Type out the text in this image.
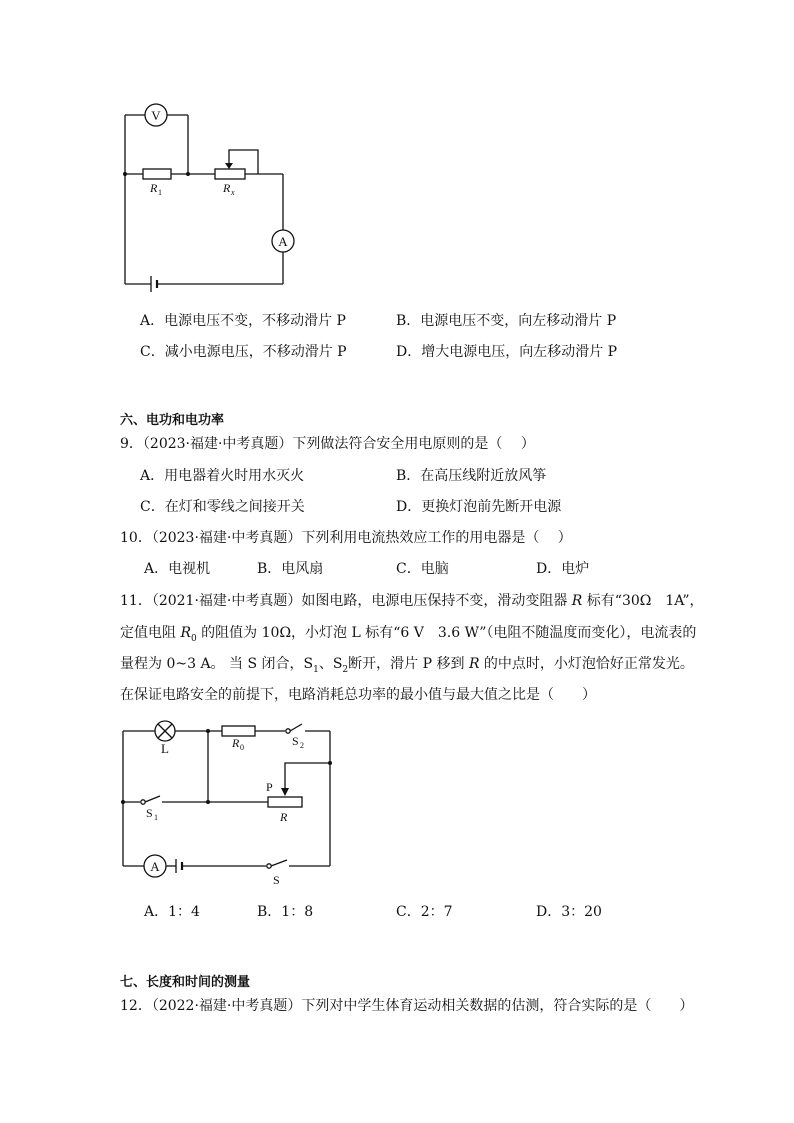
V
A
R 1	R x
A．电源电压不变，不移动滑片 P	B．电源电压不变，向左移动滑片 P
C．减小电源电压，不移动滑片 P	D．增大电源电压，向左移动滑片 P
六、电功和电功率
9．（2023·福建·中考真题）下列做法符合安全用电原则的是（　 ）
A．用电器着火时用水灭火	B．在高压线附近放风筝
C．在灯和零线之间接开关	D．更换灯泡前先断开电源
10．（2023·福建·中考真题）下列利用电流热效应工作的用电器是（　 ）
A．电视机	B．电风扇	C．电脑	D．电炉
11．（2021·福建·中考真题）如图电路，电源电压保持不变，滑动变阻器 R 标有“30Ω　1A”，
定值电阻 $R_0$ 的阻值为 10Ω，小灯泡 L 标有“6 V　3.6 W”（电阻不随温度而变化），电流表的
量程为 0~3 A。 当 S 闭合，$S_1$、$S_2$断开，滑片 P 移到 R 的中点时，小灯泡恰好正常发光。
在保证电路安全的前提下，电路消耗总功率的最小值与最大值之比是（　　）
A
L	R 0	S 2
P
R
S 1
S
A．1：4	B．1：8	C．2：7	D．3：20
七、长度和时间的测量
12．（2022·福建·中考真题）下列对中学生体育运动相关数据的估测，符合实际的是（　　）
